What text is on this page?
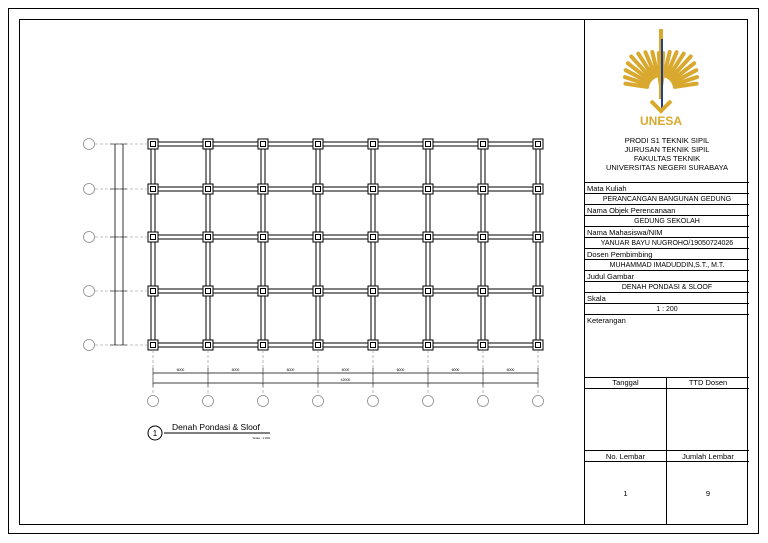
6000	6000	6000	6000	6000	6000	6000
42000
1
Denah Pondasi & Sloof
Scale : 1:200
UNESA
PRODI S1 TEKNIK SIPIL
JURUSAN TEKNIK SIPIL
FAKULTAS TEKNIK
UNIVERSITAS NEGERI SURABAYA
Mata Kuliah
PERANCANGAN BANGUNAN GEDUNG
Nama Objek Perencanaan
GEDUNG SEKOLAH
Nama Mahasiswa/NIM
YANUAR BAYU NUGROHO/19050724026
Dosen Pembimbing
MUHAMMAD IMADUDDIN,S.T., M.T.
Judul Gambar
DENAH PONDASI & SLOOF
Skala
1 : 200
Keterangan
Tanggal	TTD Dosen
No. Lembar	Jumlah Lembar
1	9
